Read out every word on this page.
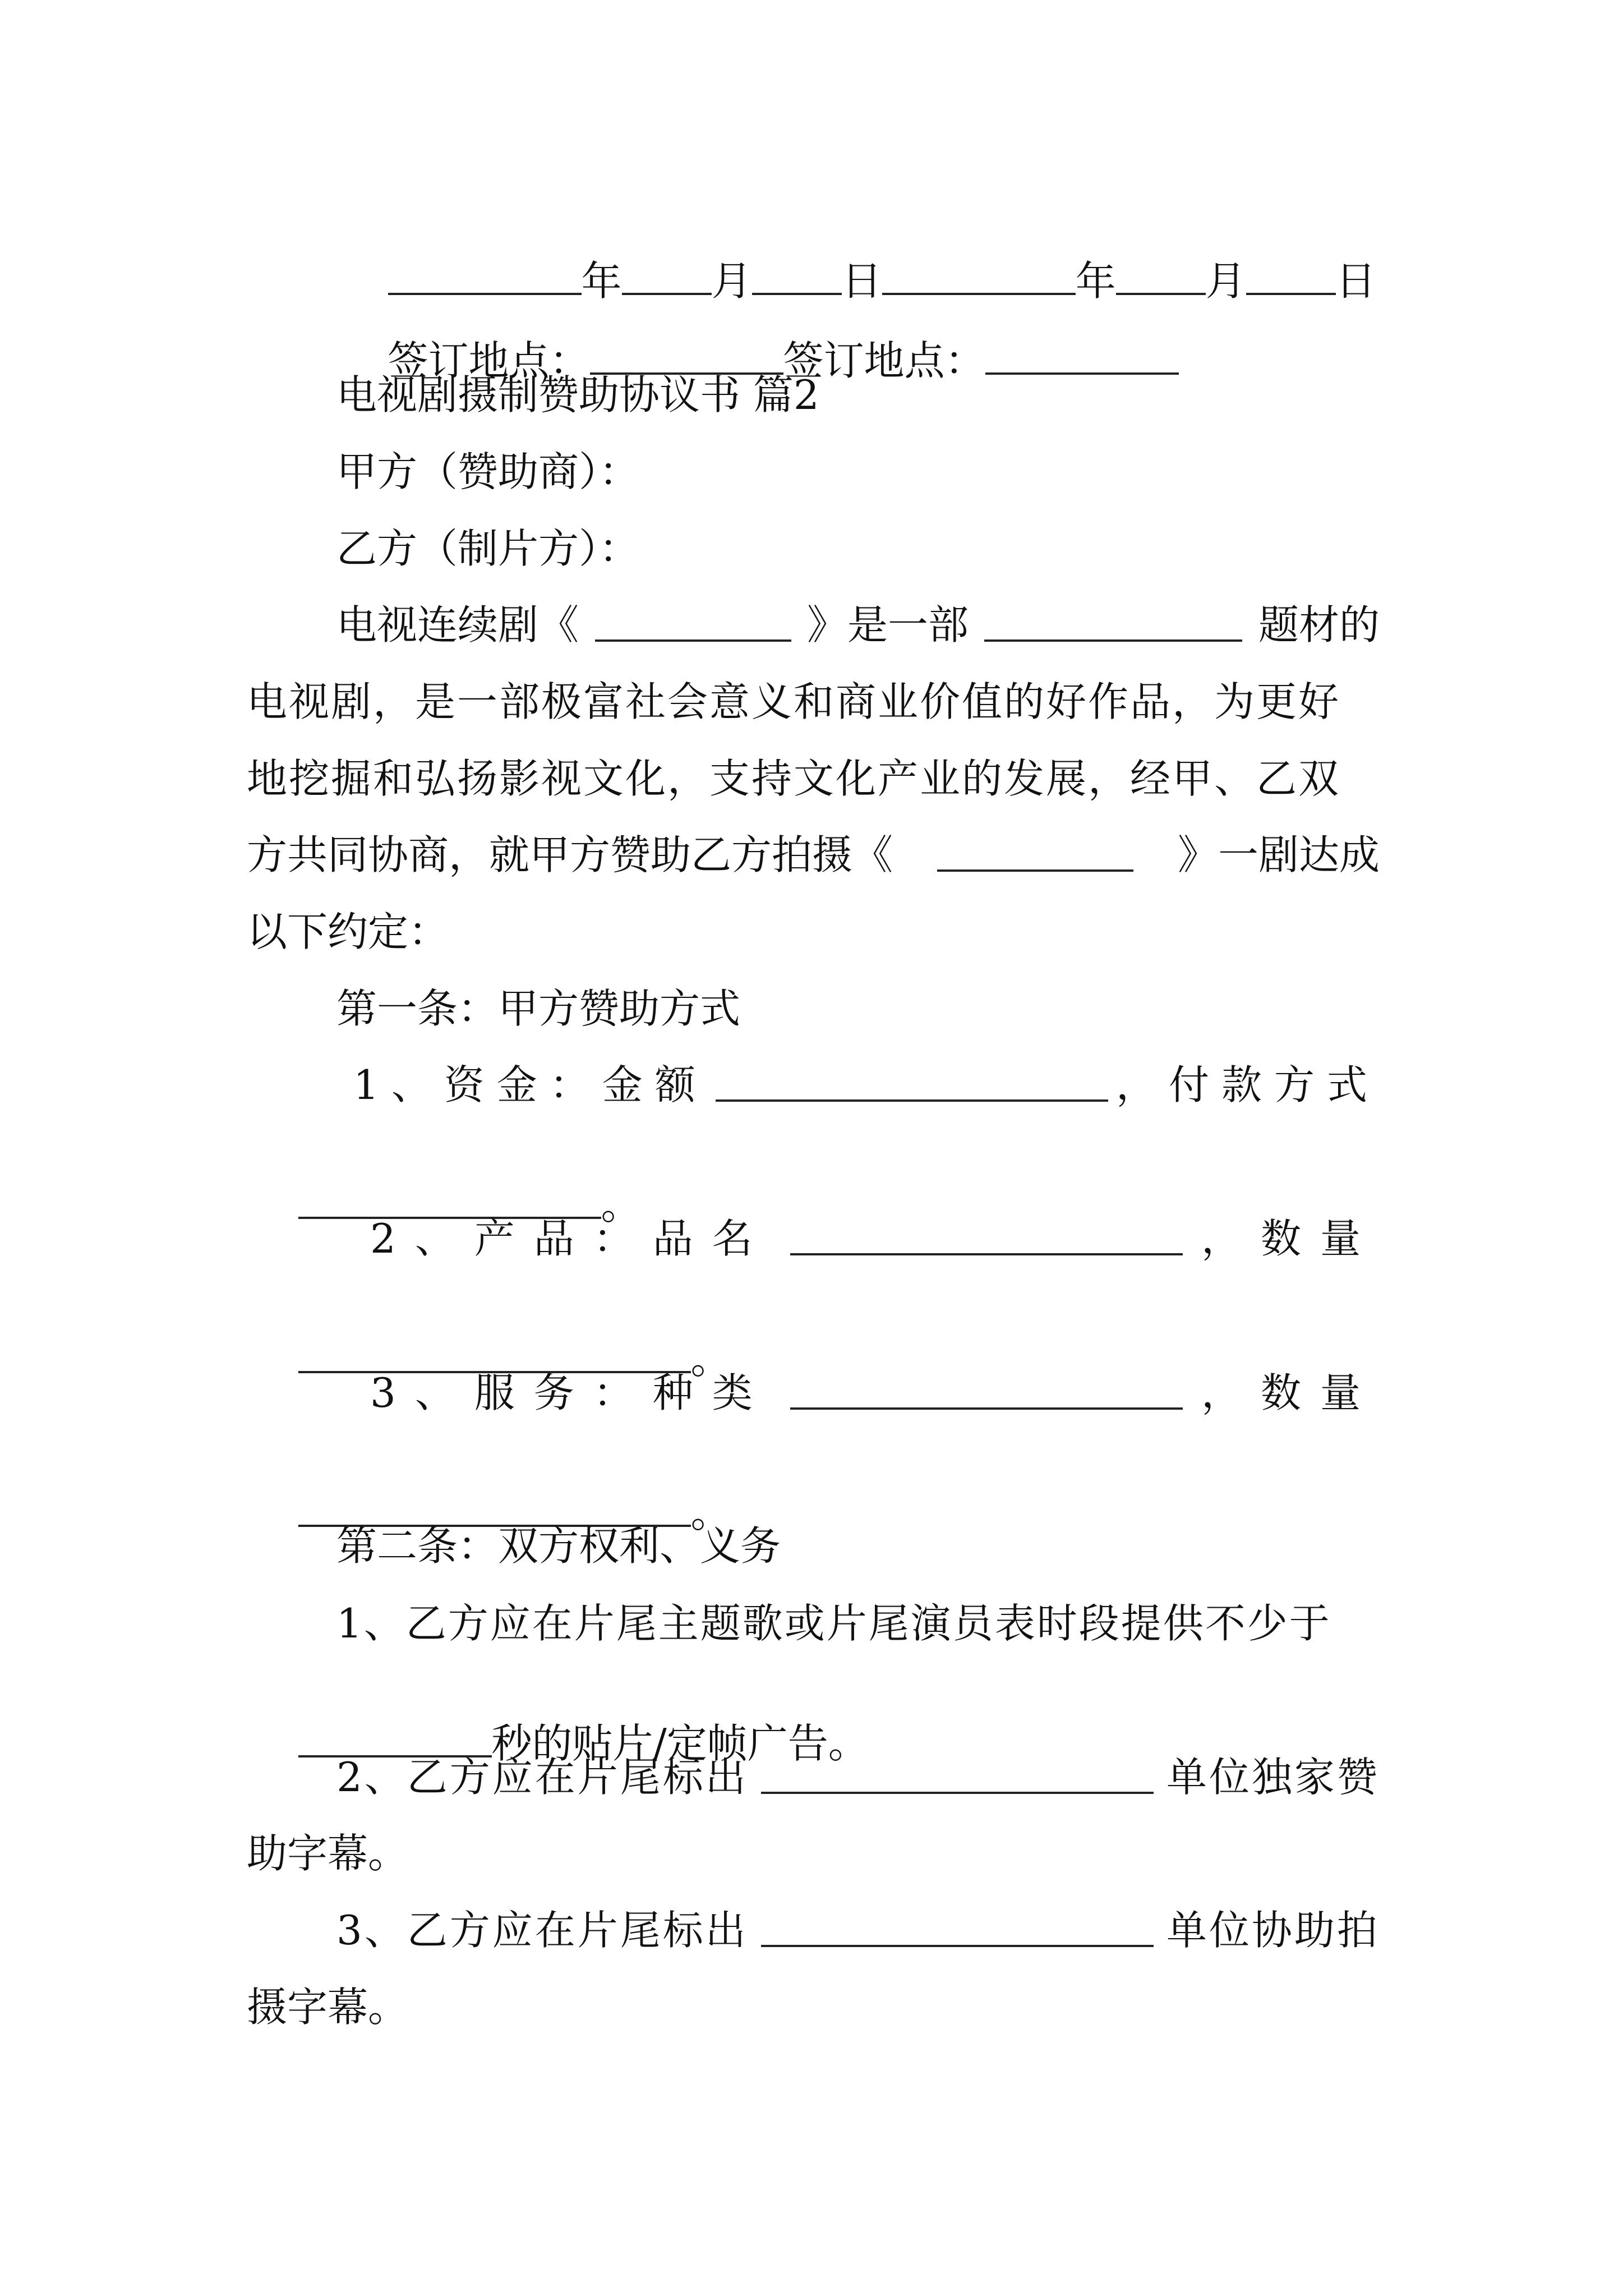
年 月 日	年 月 日

签订地点：	签订地点：

电视剧摄制赞助协议书 篇2
甲方（赞助商）：
乙方（制片方）：
电视连续剧《	》是一部	题材的
电视剧，是一部极富社会意义和商业价值的好作品，为更好
地挖掘和弘扬影视文化，支持文化产业的发展，经甲、乙双
方共同协商，就甲方赞助乙方拍摄《	》一剧达成
以下约定：
第一条：甲方赞助方式
1、资金：金额	，付款方式

。

2、产品：品名	，数量

。

3、服务：种类	，数量

。

第二条：双方权利、义务
1、乙方应在片尾主题歌或片尾演员表时段提供不少于

秒的贴片/定帧广告。

2、乙方应在片尾标出	单位独家赞
助字幕。
3、乙方应在片尾标出	单位协助拍
摄字幕。
